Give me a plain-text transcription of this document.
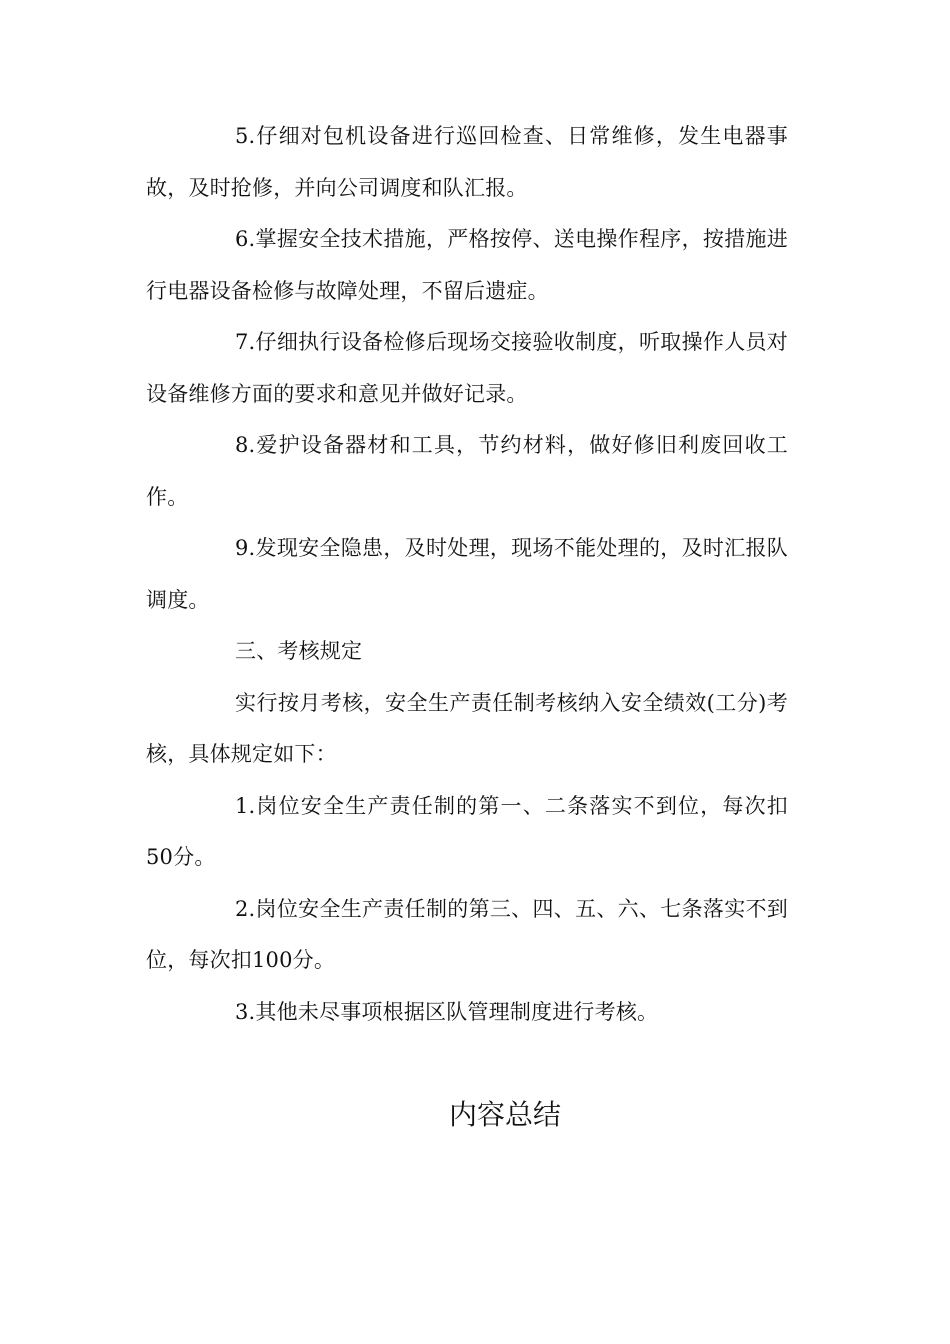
5.仔细对包机设备进行巡回检查、日常维修，发生电器事故，及时抢修，并向公司调度和队汇报。

6.掌握安全技术措施，严格按停、送电操作程序，按措施进行电器设备检修与故障处理，不留后遗症。

7.仔细执行设备检修后现场交接验收制度，听取操作人员对设备维修方面的要求和意见并做好记录。

8.爱护设备器材和工具，节约材料，做好修旧利废回收工作。

9.发现安全隐患，及时处理，现场不能处理的，及时汇报队调度。

三、考核规定

实行按月考核，安全生产责任制考核纳入安全绩效(工分)考核，具体规定如下：

1.岗位安全生产责任制的第一、二条落实不到位，每次扣50分。

2.岗位安全生产责任制的第三、四、五、六、七条落实不到位，每次扣100分。

3.其他未尽事项根据区队管理制度进行考核。

内容总结
